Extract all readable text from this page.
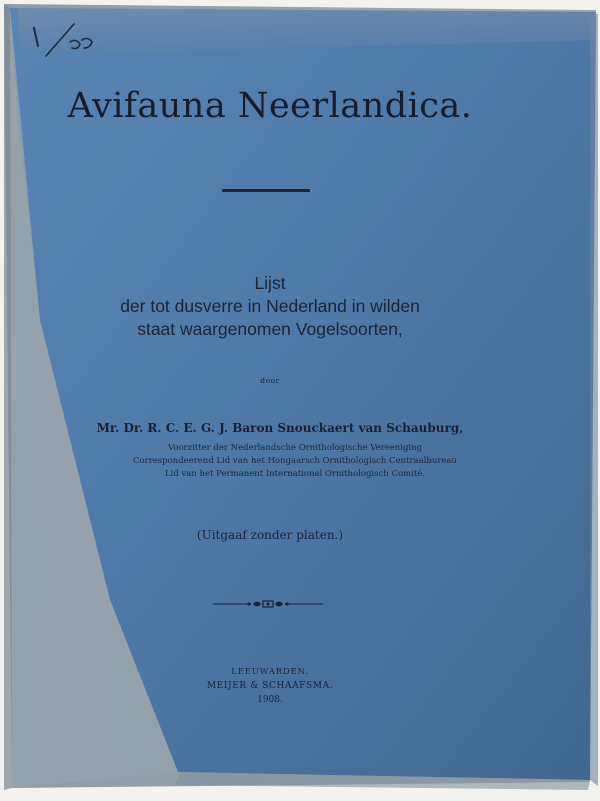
Avifauna Neerlandica.
Lijst
der tot dusverre in Nederland in wilden
staat waargenomen Vogelsoorten,
door
Mr. Dr. R. C. E. G. J. Baron Snouckaert van Schauburg,
Voorzitter der Nederlandsche Ornithologische Vereeniging
Correspondeerend Lid van het Hongaarsch Ornithologisch Centraalbureau
Lid van het Permanent International Ornithologisch Comité.
(Uitgaaf zonder platen.)
LEEUWARDEN.
MEIJER & SCHAAFSMA.
1908.
